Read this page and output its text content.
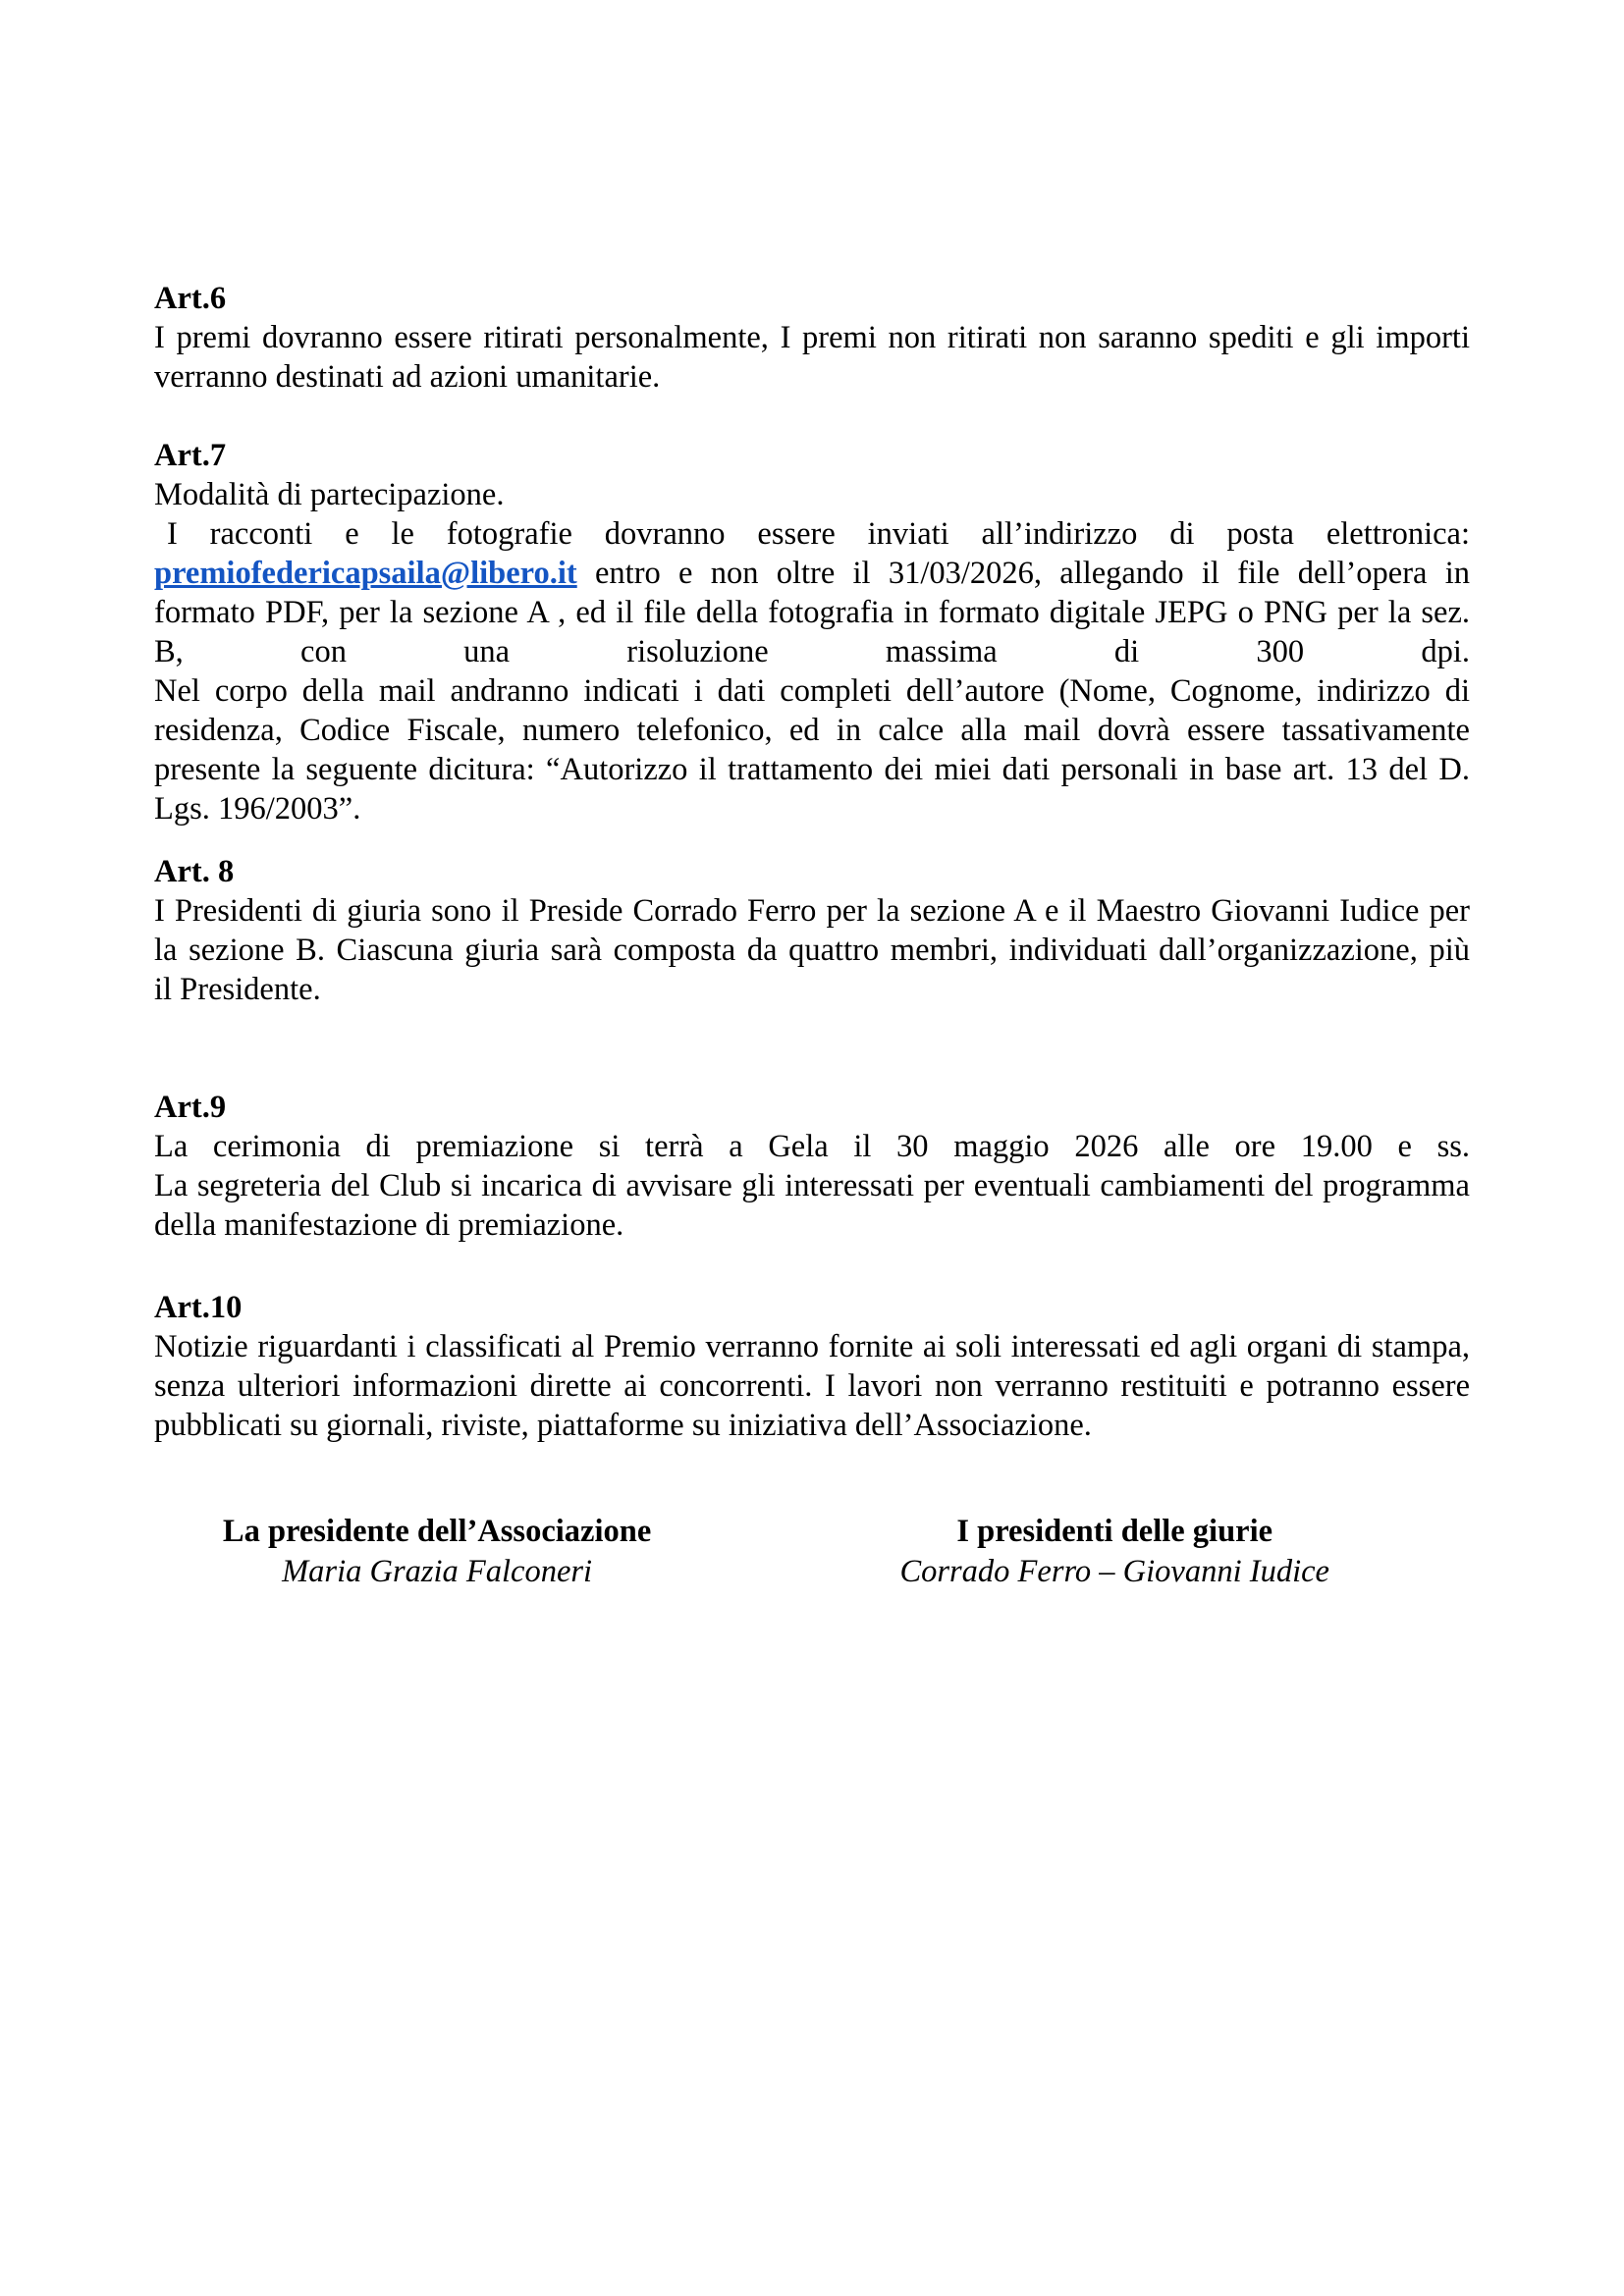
Art.6
I premi dovranno essere ritirati personalmente, I premi non ritirati non saranno spediti e gli importi
verranno destinati ad azioni umanitarie.
Art.7
Modalità di partecipazione.
I racconti e le fotografie dovranno essere inviati all’indirizzo di posta elettronica:
premiofedericapsaila@libero.it entro e non oltre il 31/03/2026, allegando il file dell’opera in
formato PDF, per la sezione A , ed il file della fotografia in formato digitale JEPG o PNG per la sez.
B, con una risoluzione massima di 300 dpi.
Nel corpo della mail andranno indicati i dati completi dell’autore (Nome, Cognome, indirizzo di
residenza, Codice Fiscale, numero telefonico, ed in calce alla mail dovrà essere tassativamente
presente la seguente dicitura: “Autorizzo il trattamento dei miei dati personali in base art. 13 del D.
Lgs. 196/2003”.
Art. 8
I Presidenti di giuria sono il Preside Corrado Ferro per la sezione A e il Maestro Giovanni Iudice per
la sezione B. Ciascuna giuria sarà composta da quattro membri, individuati dall’organizzazione, più
il Presidente.
Art.9
La cerimonia di premiazione si terrà a Gela il 30 maggio 2026 alle ore 19.00 e ss.
La segreteria del Club si incarica di avvisare gli interessati per eventuali cambiamenti del programma
della manifestazione di premiazione.
Art.10
Notizie riguardanti i classificati al Premio verranno fornite ai soli interessati ed agli organi di stampa,
senza ulteriori informazioni dirette ai concorrenti. I lavori non verranno restituiti e potranno essere
pubblicati su giornali, riviste, piattaforme su iniziativa dell’Associazione.
La presidente dell’Associazione
Maria Grazia Falconeri
I presidenti delle giurie
Corrado Ferro – Giovanni Iudice
